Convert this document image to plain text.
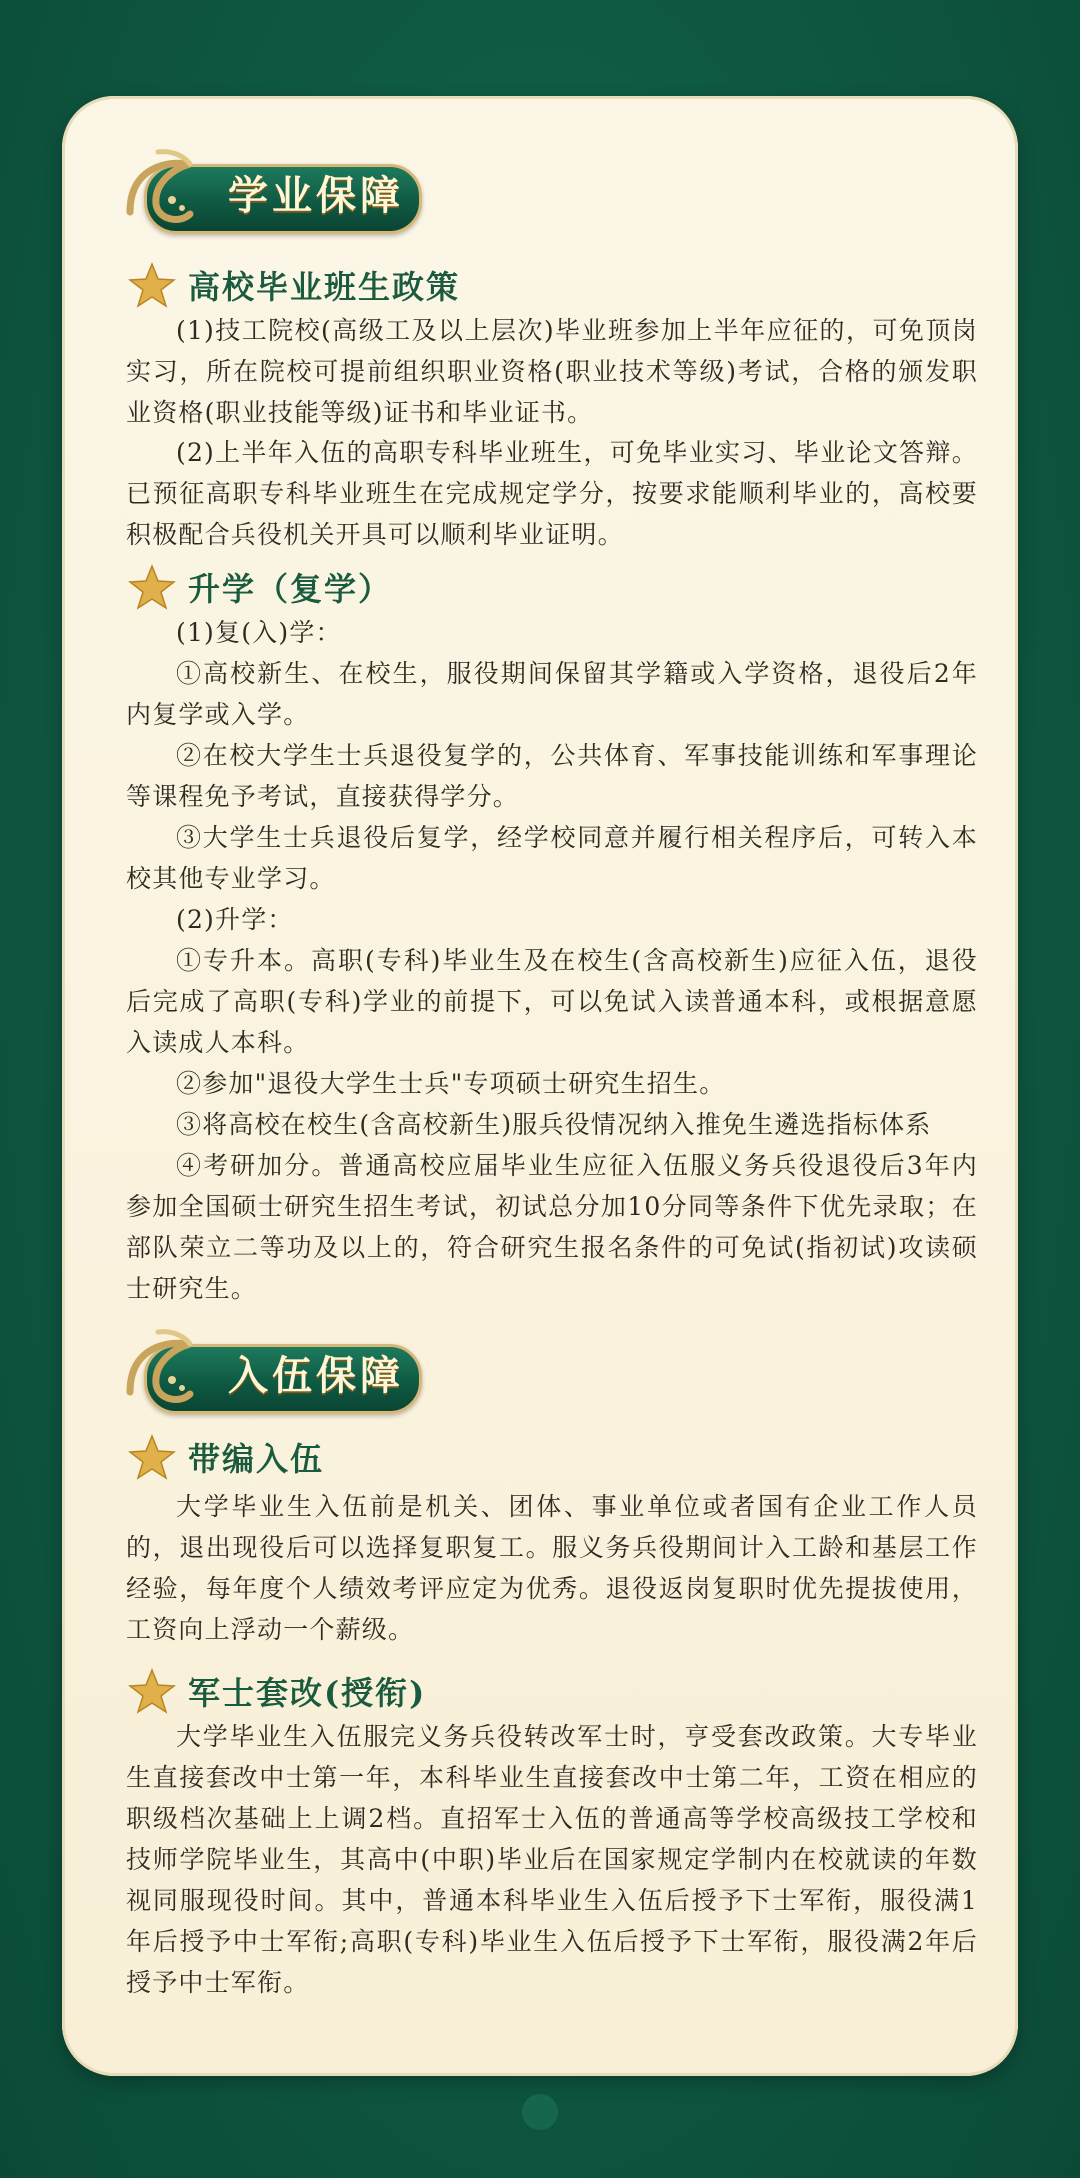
学业保障
高校毕业班生政策
(1)技工院校(高级工及以上层次)毕业班参加上半年应征的，可免顶岗实习，所在院校可提前组织职业资格(职业技术等级)考试，合格的颁发职业资格(职业技能等级)证书和毕业证书。
(2)上半年入伍的高职专科毕业班生，可免毕业实习、毕业论文答辩。已预征高职专科毕业班生在完成规定学分，按要求能顺利毕业的，高校要积极配合兵役机关开具可以顺利毕业证明。
升学（复学）
(1)复(入)学：
①高校新生、在校生，服役期间保留其学籍或入学资格，退役后2年内复学或入学。
②在校大学生士兵退役复学的，公共体育、军事技能训练和军事理论等课程免予考试，直接获得学分。
③大学生士兵退役后复学，经学校同意并履行相关程序后，可转入本校其他专业学习。
(2)升学：
①专升本。高职(专科)毕业生及在校生(含高校新生)应征入伍，退役后完成了高职(专科)学业的前提下，可以免试入读普通本科，或根据意愿入读成人本科。
②参加"退役大学生士兵"专项硕士研究生招生。
③将高校在校生(含高校新生)服兵役情况纳入推免生遴选指标体系
④考研加分。普通高校应届毕业生应征入伍服义务兵役退役后3年内参加全国硕士研究生招生考试，初试总分加10分同等条件下优先录取；在部队荣立二等功及以上的，符合研究生报名条件的可免试(指初试)攻读硕士研究生。
入伍保障
带编入伍
大学毕业生入伍前是机关、团体、事业单位或者国有企业工作人员的，退出现役后可以选择复职复工。服义务兵役期间计入工龄和基层工作经验，每年度个人绩效考评应定为优秀。退役返岗复职时优先提拔使用，工资向上浮动一个薪级。
军士套改(授衔)
大学毕业生入伍服完义务兵役转改军士时，亨受套改政策。大专毕业生直接套改中士第一年，本科毕业生直接套改中士第二年，工资在相应的职级档次基础上上调2档。直招军士入伍的普通高等学校高级技工学校和技师学院毕业生，其高中(中职)毕业后在国家规定学制内在校就读的年数视同服现役时间。其中，普通本科毕业生入伍后授予下士军衔，服役满1年后授予中士军衔;高职(专科)毕业生入伍后授予下士军衔，服役满2年后授予中士军衔。
